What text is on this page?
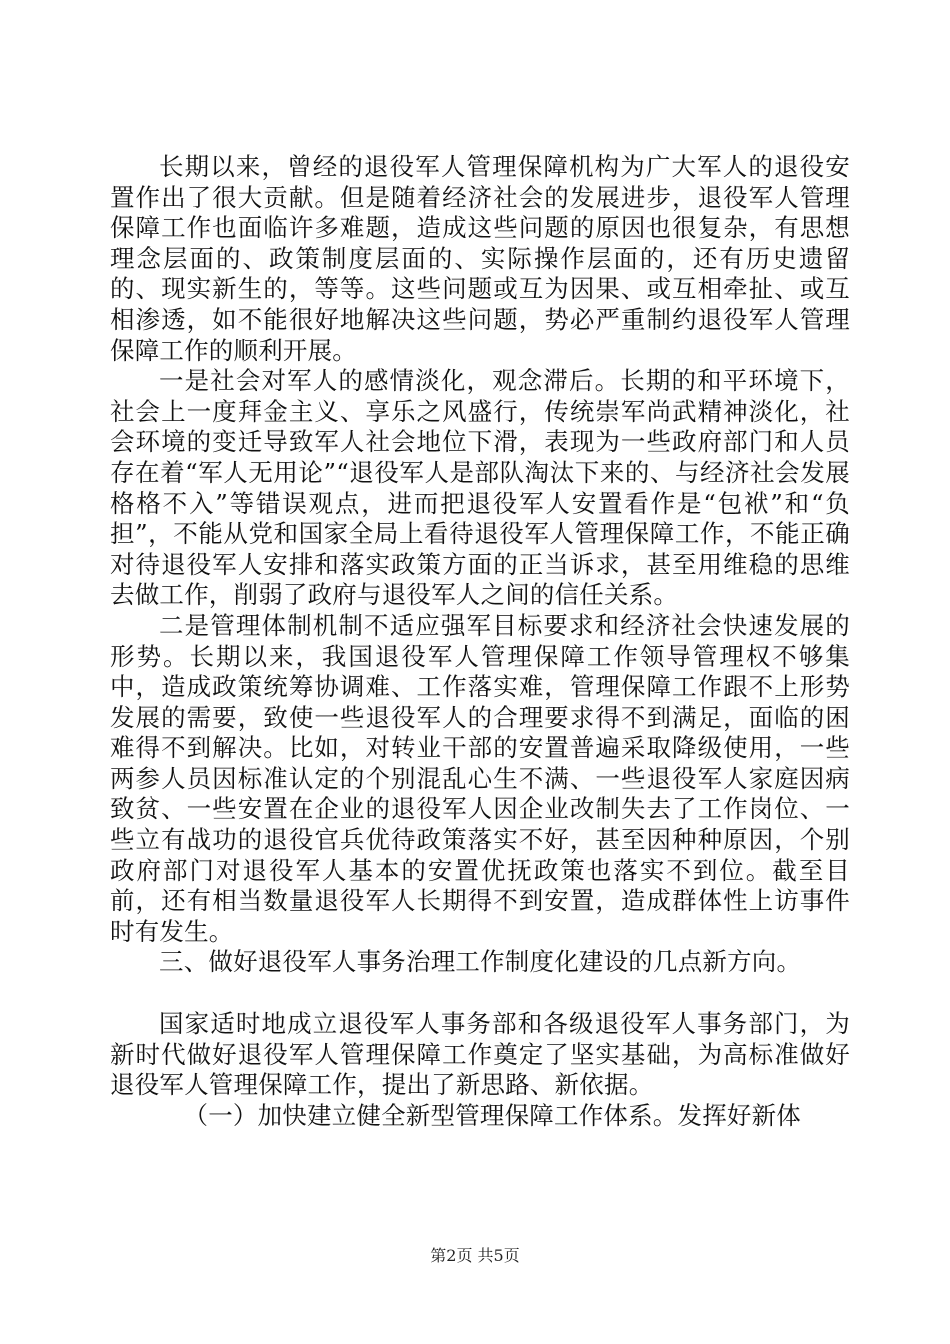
长期以来，曾经的退役军人管理保障机构为广大军人的退役安置作出了很大贡献。但是随着经济社会的发展进步，退役军人管理保障工作也面临许多难题，造成这些问题的原因也很复杂，有思想理念层面的、政策制度层面的、实际操作层面的，还有历史遗留的、现实新生的，等等。这些问题或互为因果、或互相牵扯、或互相渗透，如不能很好地解决这些问题，势必严重制约退役军人管理保障工作的顺利开展。

一是社会对军人的感情淡化，观念滞后。长期的和平环境下，社会上一度拜金主义、享乐之风盛行，传统崇军尚武精神淡化，社会环境的变迁导致军人社会地位下滑，表现为一些政府部门和人员存在着“军人无用论”“退役军人是部队淘汰下来的、与经济社会发展格格不入”等错误观点，进而把退役军人安置看作是“包袱”和“负担”，不能从党和国家全局上看待退役军人管理保障工作，不能正确对待退役军人安排和落实政策方面的正当诉求，甚至用维稳的思维去做工作，削弱了政府与退役军人之间的信任关系。

二是管理体制机制不适应强军目标要求和经济社会快速发展的形势。长期以来，我国退役军人管理保障工作领导管理权不够集中，造成政策统筹协调难、工作落实难，管理保障工作跟不上形势发展的需要，致使一些退役军人的合理要求得不到满足，面临的困难得不到解决。比如，对转业干部的安置普遍采取降级使用，一些两参人员因标准认定的个别混乱心生不满、一些退役军人家庭因病致贫、一些安置在企业的退役军人因企业改制失去了工作岗位、一些立有战功的退役官兵优待政策落实不好，甚至因种种原因，个别政府部门对退役军人基本的安置优抚政策也落实不到位。截至目前，还有相当数量退役军人长期得不到安置，造成群体性上访事件时有发生。

三、做好退役军人事务治理工作制度化建设的几点新方向。

国家适时地成立退役军人事务部和各级退役军人事务部门，为新时代做好退役军人管理保障工作奠定了坚实基础，为高标准做好退役军人管理保障工作，提出了新思路、新依据。

（一）加快建立健全新型管理保障工作体系。发挥好新体

第2页 共5页
